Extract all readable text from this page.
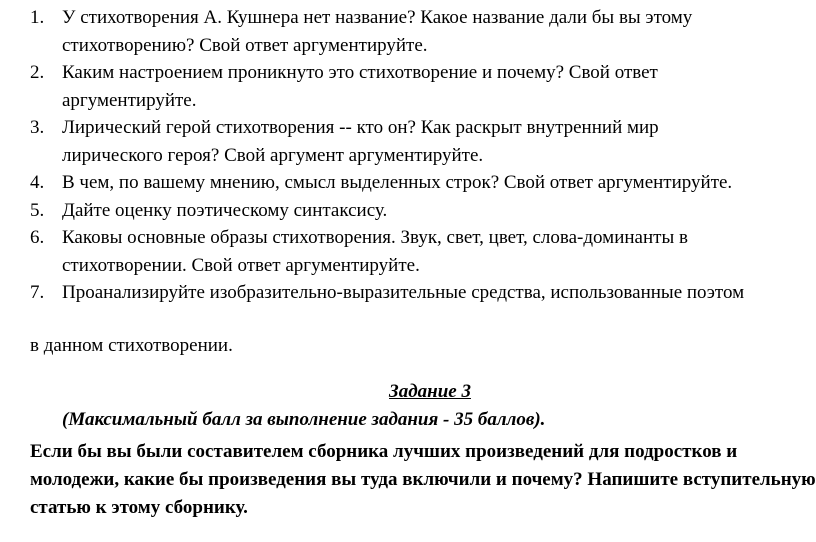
1. У стихотворения А. Кушнера нет название? Какое название дали бы вы этому стихотворению? Свой ответ аргументируйте.
2. Каким настроением проникнуто это стихотворение и почему? Свой ответ аргументируйте.
3. Лирический герой стихотворения -- кто он? Как раскрыт внутренний мир лирического героя? Свой аргумент аргументируйте.
4. В чем, по вашему мнению, смысл выделенных строк? Свой ответ аргументируйте.
5. Дайте оценку поэтическому синтаксису.
6. Каковы основные образы стихотворения. Звук, свет, цвет, слова-доминанты в стихотворении. Свой ответ аргументируйте.
7. Проанализируйте изобразительно-выразительные средства, использованные поэтом
в данном стихотворении.
Задание 3
(Максимальный балл за выполнение задания - 35 баллов).
Если бы вы были составителем сборника лучших произведений для подростков и молодежи, какие бы произведения вы туда включили и почему? Напишите вступительную статью к этому сборнику.
